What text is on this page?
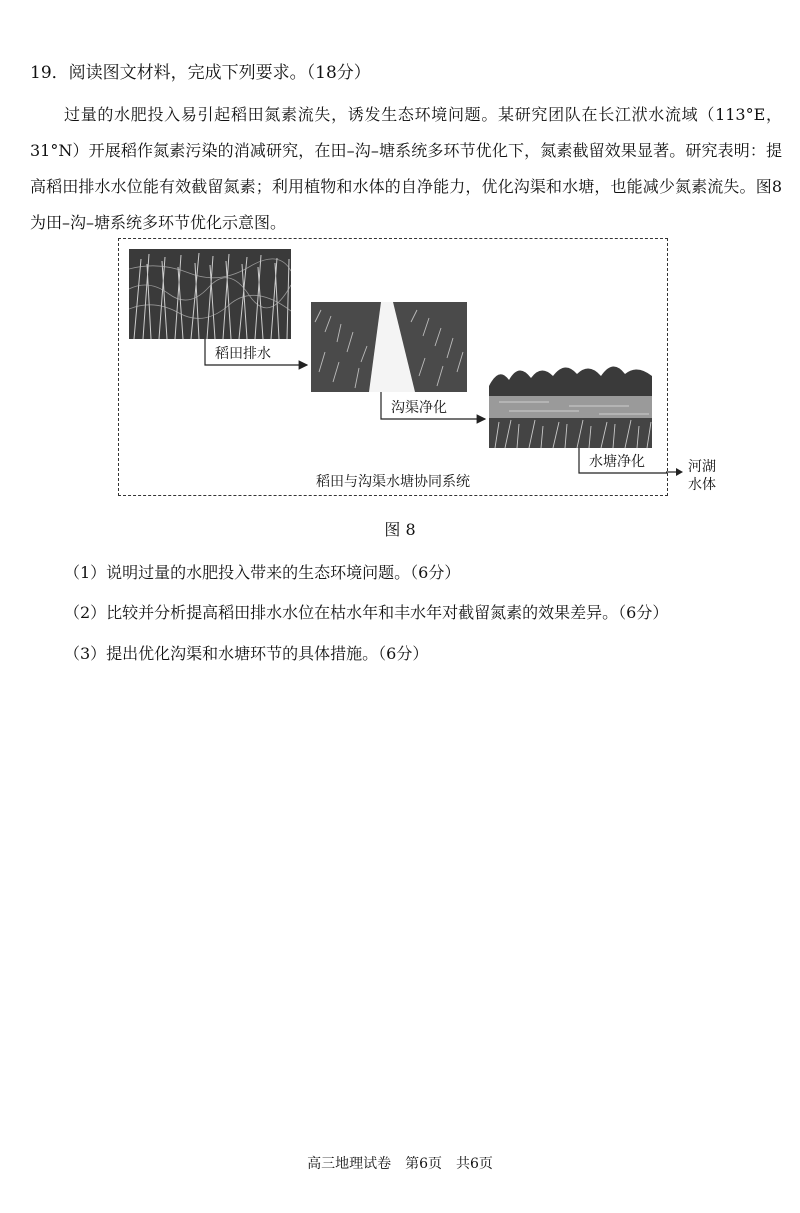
19．阅读图文材料，完成下列要求。（18分）
过量的水肥投入易引起稻田氮素流失，诱发生态环境问题。某研究团队在长江洑水流域（113°E，31°N）开展稻作氮素污染的消减研究，在田–沟–塘系统多环节优化下，氮素截留效果显著。研究表明：提高稻田排水水位能有效截留氮素；利用植物和水体的自净能力，优化沟渠和水塘，也能减少氮素流失。图8为田–沟–塘系统多环节优化示意图。
稻田排水
沟渠净化
水塘净化
稻田与沟渠水塘协同系统
河湖
水体
图 8
（1）说明过量的水肥投入带来的生态环境问题。（6分）
（2）比较并分析提高稻田排水水位在枯水年和丰水年对截留氮素的效果差异。（6分）
（3）提出优化沟渠和水塘环节的具体措施。（6分）
高三地理试卷　第6页　共6页
